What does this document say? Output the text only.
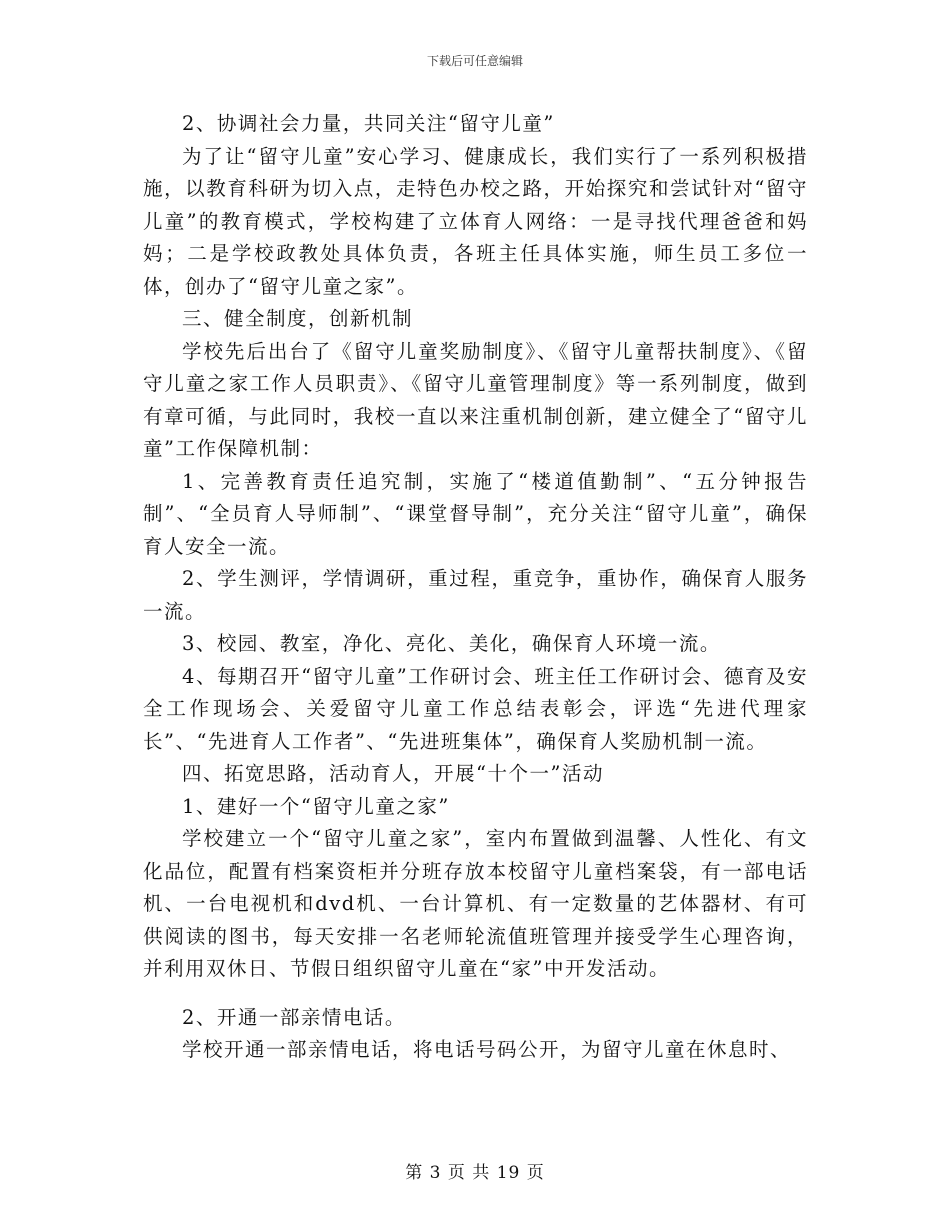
下载后可任意编辑

2、协调社会力量，共同关注“留守儿童”

为了让“留守儿童”安心学习、健康成长，我们实行了一系列积极措施，以教育科研为切入点，走特色办校之路，开始探究和尝试针对“留守儿童”的教育模式，学校构建了立体育人网络：一是寻找代理爸爸和妈妈；二是学校政教处具体负责，各班主任具体实施，师生员工多位一体，创办了“留守儿童之家”。

三、健全制度，创新机制

学校先后出台了《留守儿童奖励制度》、《留守儿童帮扶制度》、《留守儿童之家工作人员职责》、《留守儿童管理制度》等一系列制度，做到有章可循，与此同时，我校一直以来注重机制创新，建立健全了“留守儿童”工作保障机制：

1、完善教育责任追究制，实施了“楼道值勤制”、“五分钟报告制”、“全员育人导师制”、“课堂督导制”，充分关注“留守儿童”，确保育人安全一流。

2、学生测评，学情调研，重过程，重竞争，重协作，确保育人服务一流。

3、校园、教室，净化、亮化、美化，确保育人环境一流。

4、每期召开“留守儿童”工作研讨会、班主任工作研讨会、德育及安全工作现场会、关爱留守儿童工作总结表彰会，评选“先进代理家长”、“先进育人工作者”、“先进班集体”，确保育人奖励机制一流。

四、拓宽思路，活动育人，开展“十个一”活动

1、建好一个“留守儿童之家”

学校建立一个“留守儿童之家”，室内布置做到温馨、人性化、有文化品位，配置有档案资柜并分班存放本校留守儿童档案袋，有一部电话机、一台电视机和dvd机、一台计算机、有一定数量的艺体器材、有可供阅读的图书，每天安排一名老师轮流值班管理并接受学生心理咨询，并利用双休日、节假日组织留守儿童在“家”中开发活动。

2、开通一部亲情电话。

学校开通一部亲情电话，将电话号码公开，为留守儿童在休息时、

第 3 页 共 19 页
